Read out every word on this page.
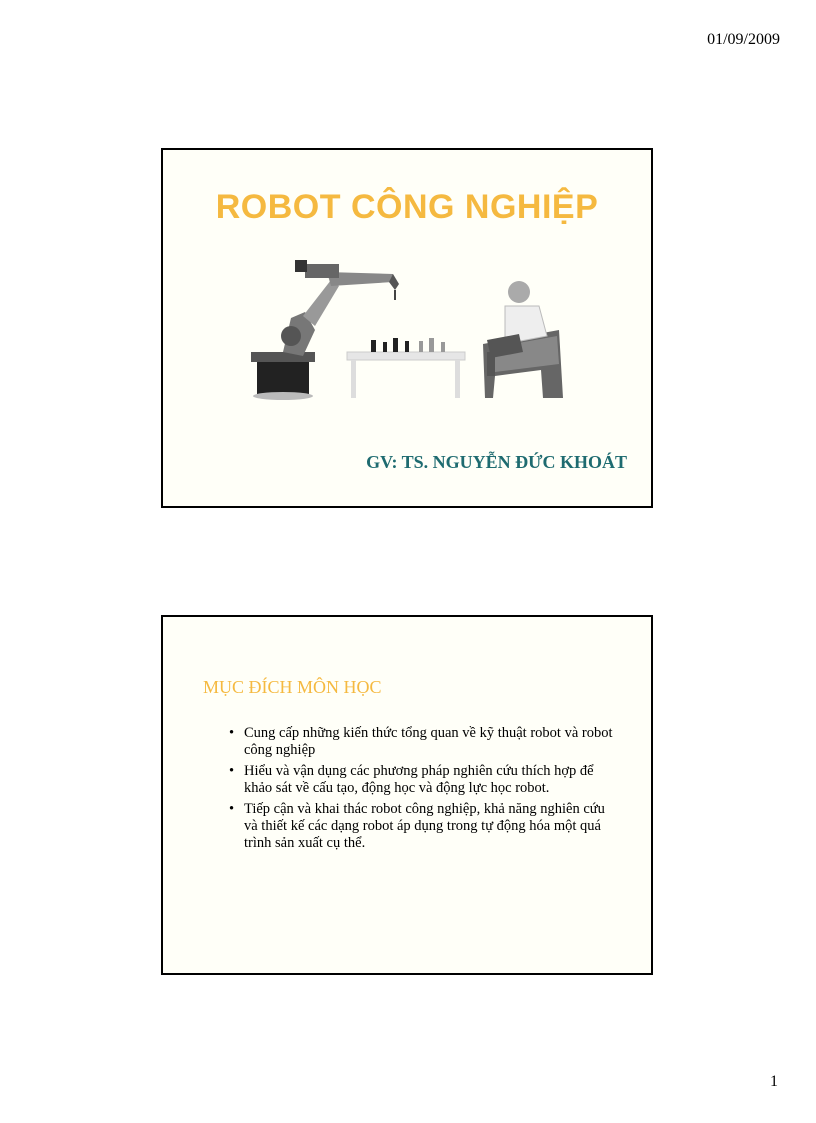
01/09/2009
ROBOT CÔNG NGHIỆP
GV: TS. NGUYỄN ĐỨC KHOÁT
MỤC ĐÍCH MÔN HỌC
• Cung cấp những kiến thức tổng quan về kỹ thuật robot và robot công nghiệp
• Hiểu và vận dụng các phương pháp nghiên cứu thích hợp để khảo sát về cấu tạo, động học và động lực học robot.
• Tiếp cận và khai thác robot công nghiệp, khả năng nghiên cứu và thiết kế các dạng robot áp dụng trong tự động hóa một quá trình sản xuất cụ thể.
1
